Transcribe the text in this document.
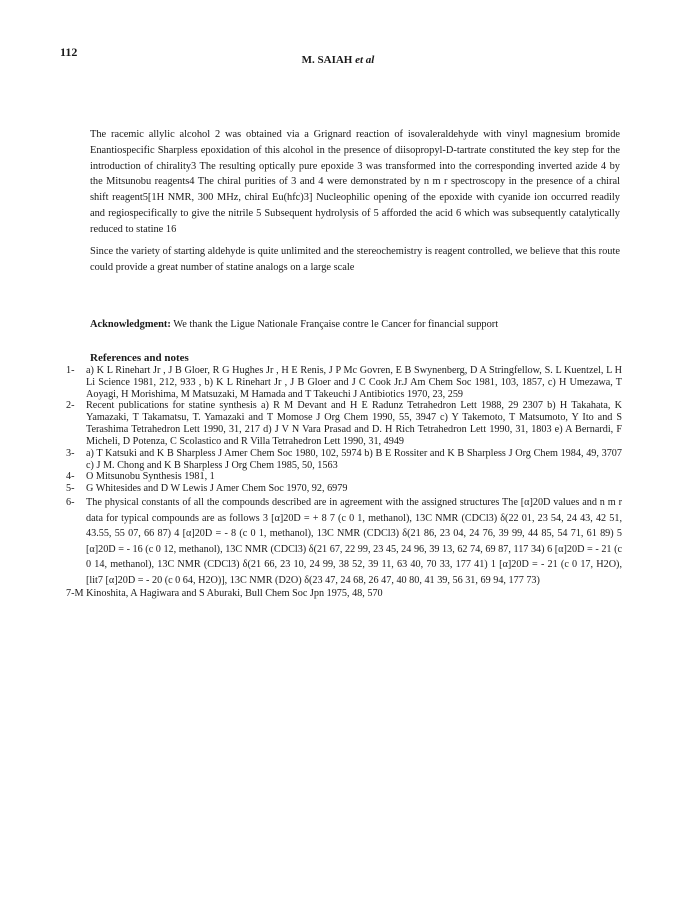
112
M. SAIAH et al

The racemic allylic alcohol 2 was obtained via a Grignard reaction of isovaleraldehyde with vinyl magnesium bromide Enantiospecific Sharpless epoxidation of this alcohol in the presence of diisopropyl-D-tartrate constituted the key step for the introduction of chirality3 The resulting optically pure epoxide 3 was transformed into the corresponding inverted azide 4 by the Mitsunobu reagents4 The chiral purities of 3 and 4 were demonstrated by n m r spectroscopy in the presence of a chiral shift reagent5[1H NMR, 300 MHz, chiral Eu(hfc)3] Nucleophilic opening of the epoxide with cyanide ion occurred readily and regiospecifically to give the nitrile 5 Subsequent hydrolysis of 5 afforded the acid 6 which was subsequently catalytically reduced to statine 16

Since the variety of starting aldehyde is quite unlimited and the stereochemistry is reagent controlled, we believe that this route could provide a great number of statine analogs on a large scale

Acknowledgment: We thank the Ligue Nationale Française contre le Cancer for financial support
References and notes
1- a) K L Rinehart Jr , J B Gloer, R G Hughes Jr , H E Renis, J P Mc Govren, E B Swynenberg, D A Stringfellow, S. L Kuentzel, L H Li Science 1981, 212, 933 , b) K L Rinehart Jr , J B Gloer and J C Cook Jr.J Am Chem Soc 1981, 103, 1857, c) H Umezawa, T Aoyagi, H Morishima, M Matsuzaki, M Hamada and T Takeuchi J Antibiotics 1970, 23, 259
2- Recent publications for statine synthesis a) R M Devant and H E Radunz Tetrahedron Lett 1988, 29 2307 b) H Takahata, K Yamazaki, T Takamatsu, T. Yamazaki and T Momose J Org Chem 1990, 55, 3947 c) Y Takemoto, T Matsumoto, Y Ito and S Terashima Tetrahedron Lett 1990, 31, 217 d) J V N Vara Prasad and D. H Rich Tetrahedron Lett 1990, 31, 1803 e) A Bernardi, F Micheli, D Potenza, C Scolastico and R Villa Tetrahedron Lett 1990, 31, 4949
3- a) T Katsuki and K B Sharpless J Amer Chem Soc 1980, 102, 5974 b) B E Rossiter and K B Sharpless J Org Chem 1984, 49, 3707 c) J M. Chong and K B Sharpless J Org Chem 1985, 50, 1563
4- O Mitsunobu Synthesis 1981, 1
5- G Whitesides and D W Lewis J Amer Chem Soc 1970, 92, 6979
6- The physical constants of all the compounds described are in agreement with the assigned structures The [α]20D values and n m r data for typical compounds are as follows 3 [α]20D = + 8 7 (c 0 1, methanol), 13C NMR (CDCl3) δ(22 01, 23 54, 24 43, 42 51, 43.55, 55 07, 66 87) 4 [α]20D = - 8 (c 0 1, methanol), 13C NMR (CDCl3) δ(21 86, 23 04, 24 76, 39 99, 44 85, 54 71, 61 89) 5 [α]20D = - 16 (c 0 12, methanol), 13C NMR (CDCl3) δ(21 67, 22 99, 23 45, 24 96, 39 13, 62 74, 69 87, 117 34) 6 [α]20D = - 21 (c 0 14, methanol), 13C NMR (CDCl3) δ(21 66, 23 10, 24 99, 38 52, 39 11, 63 40, 70 33, 177 41) 1 [α]20D = - 21 (c 0 17, H2O), [lit7 [α]20D = - 20 (c 0 64, H2O)], 13C NMR (D2O) δ(23 47, 24 68, 26 47, 40 80, 41 39, 56 31, 69 94, 177 73)
7-M Kinoshita, A Hagiwara and S Aburaki, Bull Chem Soc Jpn 1975, 48, 570
